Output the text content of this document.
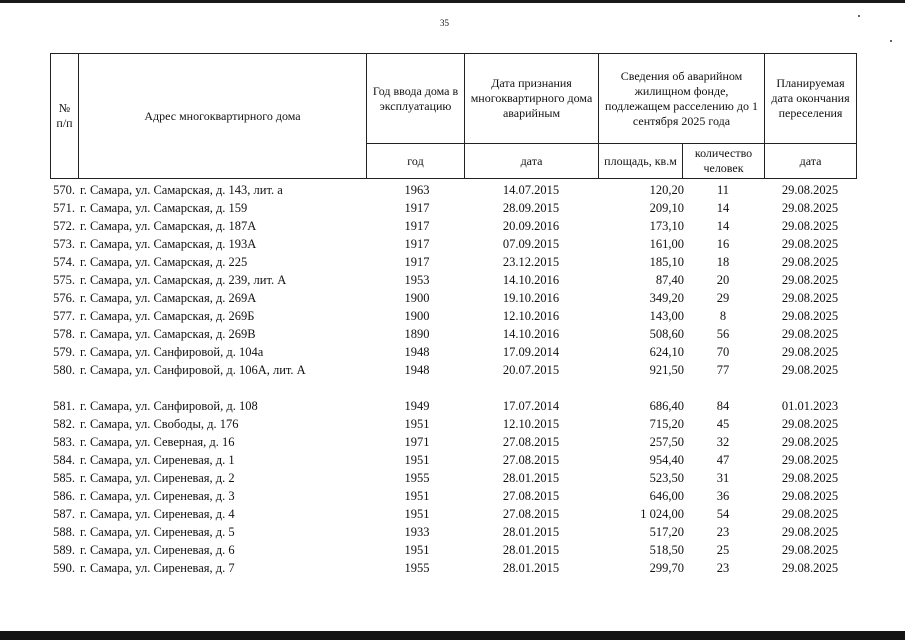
35
№ п/п	Адрес многоквартирного дома	Год ввода дома в эксплуатацию	Дата признания многоквартирного дома аварийным	Сведения об аварийном жилищном фонде, подлежащем расселению до 1 сентября 2025 года		Планируемая дата окончания переселения
		год	дата	площадь, кв.м	количество человек	дата
570. г. Самара, ул. Самарская, д. 143, лит. а	1963	14.07.2015	120,20	11	29.08.2025
571. г. Самара, ул. Самарская, д. 159	1917	28.09.2015	209,10	14	29.08.2025
572. г. Самара, ул. Самарская, д. 187А	1917	20.09.2016	173,10	14	29.08.2025
573. г. Самара, ул. Самарская, д. 193А	1917	07.09.2015	161,00	16	29.08.2025
574. г. Самара, ул. Самарская, д. 225	1917	23.12.2015	185,10	18	29.08.2025
575. г. Самара, ул. Самарская, д. 239, лит. А	1953	14.10.2016	87,40	20	29.08.2025
576. г. Самара, ул. Самарская, д. 269А	1900	19.10.2016	349,20	29	29.08.2025
577. г. Самара, ул. Самарская, д. 269Б	1900	12.10.2016	143,00	8	29.08.2025
578. г. Самара, ул. Самарская, д. 269В	1890	14.10.2016	508,60	56	29.08.2025
579. г. Самара, ул. Санфировой, д. 104а	1948	17.09.2014	624,10	70	29.08.2025
580. г. Самара, ул. Санфировой, д. 106А, лит. А	1948	20.07.2015	921,50	77	29.08.2025
581. г. Самара, ул. Санфировой, д. 108	1949	17.07.2014	686,40	84	01.01.2023
582. г. Самара, ул. Свободы, д. 176	1951	12.10.2015	715,20	45	29.08.2025
583. г. Самара, ул. Северная, д. 16	1971	27.08.2015	257,50	32	29.08.2025
584. г. Самара, ул. Сиреневая, д. 1	1951	27.08.2015	954,40	47	29.08.2025
585. г. Самара, ул. Сиреневая, д. 2	1955	28.01.2015	523,50	31	29.08.2025
586. г. Самара, ул. Сиреневая, д. 3	1951	27.08.2015	646,00	36	29.08.2025
587. г. Самара, ул. Сиреневая, д. 4	1951	27.08.2015	1 024,00	54	29.08.2025
588. г. Самара, ул. Сиреневая, д. 5	1933	28.01.2015	517,20	23	29.08.2025
589. г. Самара, ул. Сиреневая, д. 6	1951	28.01.2015	518,50	25	29.08.2025
590. г. Самара, ул. Сиреневая, д. 7	1955	28.01.2015	299,70	23	29.08.2025
